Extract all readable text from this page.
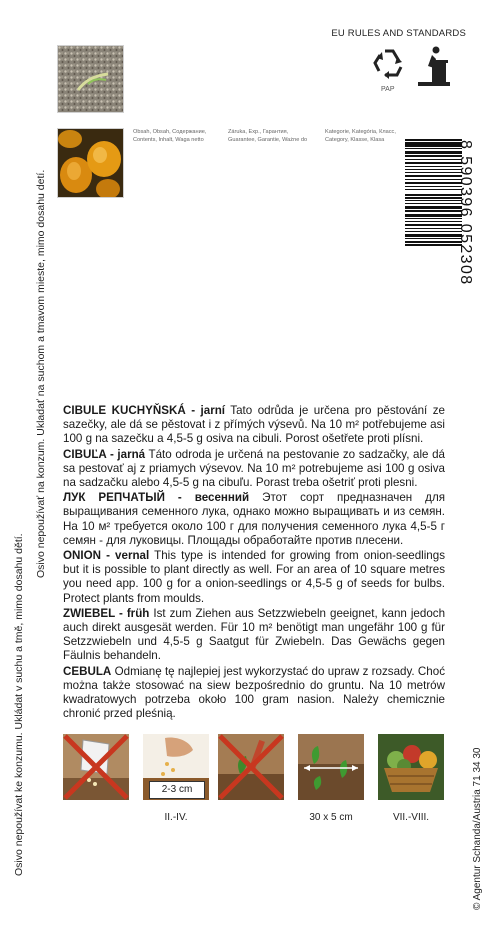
Osivo nepoužívat ke konzumu. Ukládat v suchu a tmě, mimo dosahu dětí.
Osivo nepoužívať na konzum. Ukladať na suchom a tmavom mieste, mimo dosahu detí.
EU RULES AND STANDARDS
PAP
Obsah, Obsah, Содержание,
Contents, Inhalt, Waga netto
Záruka, Exp., Гарантия,
Guarantee, Garantie, Ważne do
Kategorie, Kategória, Класс,
Category, Klasse, Klasa	8 590396 052308

CIBULE KUCHYŇSKÁ - jarní Tato odrůda je určena pro pěstování ze sazečky, ale dá se pěstovat i z přímých výsevů. Na 10 m² potřebujeme asi 100 g na sazečku a 4,5-5 g osiva na cibuli. Porost ošetřete proti plísni.

CIBUĽA - jarná Táto odroda je určená na pestovanie zo sadzačky, ale dá sa pestovať aj z priamych výsevov. Na 10 m² potrebujeme asi 100 g osiva na sadzačku alebo 4,5-5 g na cibuľu. Porast treba ošetriť proti plesni.

ЛУК РЕПЧАТЫЙ - весенний Этот сорт предназначен для выращивания семенного лука, однако можно выращивать и из семян. На 10 м² требуется около 100 г для получения семенного лука 4,5-5 г семян - для луковицы. Площады обработайте против плесени.

ONION - vernal This type is intended for growing from onion-seedlings but it is possible to plant directly as well. For an area of 10 square metres you need app. 100 g for a onion-seedlings or 4,5-5 g of seeds for bulbs. Protect plants from moulds.

ZWIEBEL - früh Ist zum Ziehen aus Setzzwiebeln geeignet, kann jedoch auch direkt ausgesät werden. Für 10 m² benötigt man ungefähr 100 g für Setzzwiebeln und 4,5-5 g Saatgut für Zwiebeln. Das Gewächs gegen Fäulnis behandeln.

CEBULA Odmianę tę najlepiej jest wykorzystać do upraw z rozsady. Choć można także stosować na siew bezpośrednio do gruntu. Na 10 metrów kwadratowych potrzeba około 100 gram nasion. Należy chemicznie chronić przed pleśnią.

2-3 cm
II.-IV.	30 x 5 cm	VII.-VIII.	© Agentur Schanda/Austria 71 34 30
